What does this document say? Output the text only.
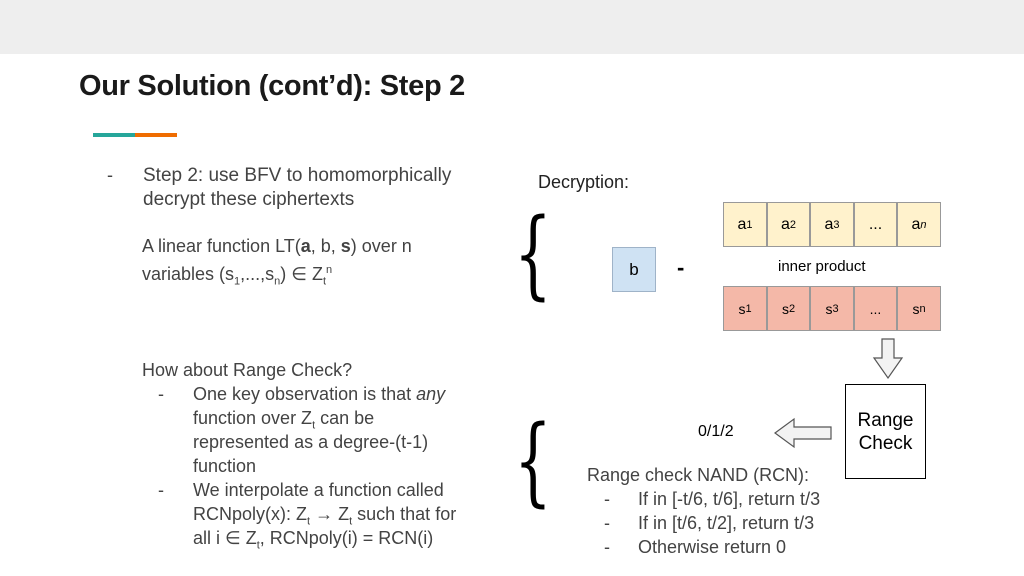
Our Solution (cont’d): Step 2
- Step 2: use BFV to homomorphically
decrypt these ciphertexts
A linear function LT(a, b, s) over n
variables $(s_1,...,s_n)$ ∈ $Z_t^n$
How about Range Check?
- One key observation is that any
function over $Z_t$ can be
represented as a degree-(t-1)
function
- We interpolate a function called
RCNpoly(x): $Z_t \to Z_t$ such that for
all i ∈ $Z_t$, RCNpoly(i) = RCN(i)
Decryption:
{	b	-
a 1 a 2 a 3 ... a n
inner product
s 1 s 2 s 3 ... s n
Range
Check
0/1/2
{ Range check NAND (RCN):
- If in [-t/6, t/6], return t/3
- If in [t/6, t/2], return t/3
- Otherwise return 0
